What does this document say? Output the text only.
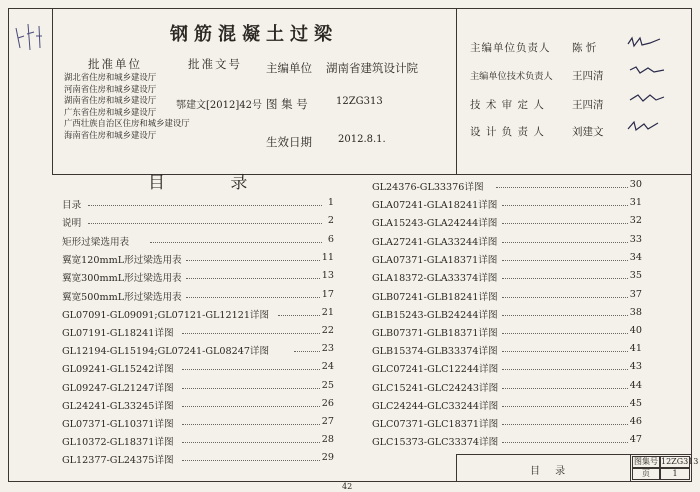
钢筋混凝土过梁
批准单位	批准文号 主编单位 湖南省建筑设计院
湖北省住房和城乡建设厅
河南省住房和城乡建设厅
湖南省住房和城乡建设厅
广东省住房和城乡建设厅
广西壮族自治区住房和城乡建设厅
海南省住房和城乡建设厅
鄂建文[2012]42号 图 集 号	12ZG313
生效日期	2012.8.1.
主编单位负责人 陈 忻
主编单位技术负责人 王四清
技 术 审 定 人	王四清
设 计 负 责 人	刘建文
目 录
目录	1
说明	2
矩形过梁选用表	6
翼宽120mmL形过梁选用表	11
翼宽300mmL形过梁选用表	13
翼宽500mmL形过梁选用表	17
GL07091-GL09091;GL07121-GL12121详图	21
GL07191-GL18241详图	22
GL12194-GL15194;GL07241-GL08247详图	23
GL09241-GL15242详图	24
GL09247-GL21247详图	25
GL24241-GL33245详图	26
GL07371-GL10371详图	27
GL10372-GL18371详图	28
GL12377-GL24375详图	29
GL24376-GL33376详图	30
GLA07241-GLA18241详图	31
GLA15243-GLA24244详图	32
GLA27241-GLA33244详图	33
GLA07371-GLA18371详图	34
GLA18372-GLA33374详图	35
GLB07241-GLB18241详图	37
GLB15243-GLB24244详图	38
GLB07371-GLB18371详图	40
GLB15374-GLB33374详图	41
GLC07241-GLC12244详图	43
GLC15241-GLC24243详图	44
GLC24244-GLC33244详图	45
GLC07371-GLC18371详图	46
GLC15373-GLC33374详图	47
目 录
图集号 12ZG313
页	1
42
